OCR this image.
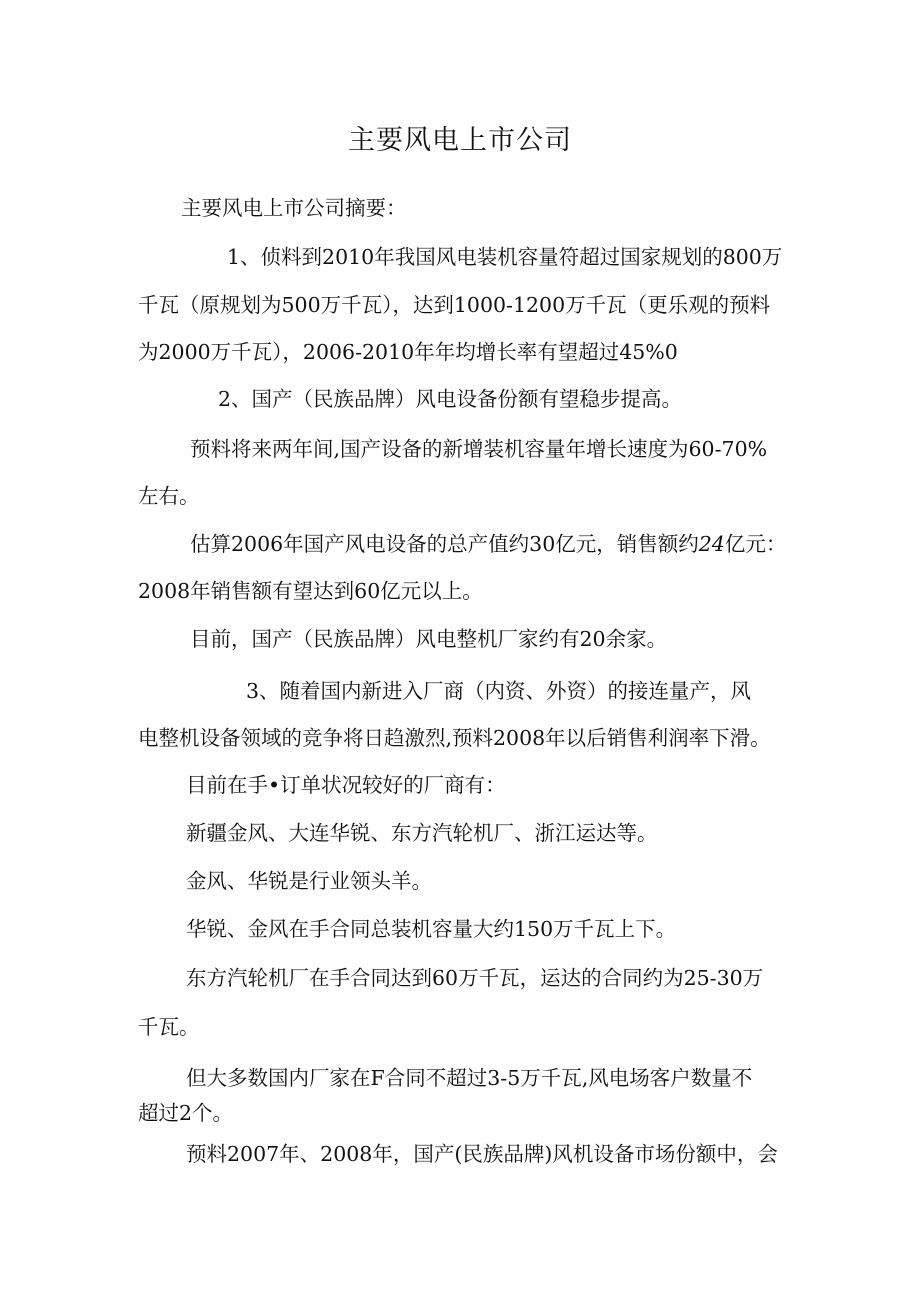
主要风电上市公司
主要风电上市公司摘要：
1、侦料到2010年我国风电装机容量符超过国家规划的800万
千瓦（原规划为500万千瓦），达到1000-1200万千瓦（更乐观的预料
为2000万千瓦），2006-2010年年均增长率有望超过45%0
2、国产（民族品牌）风电设备份额有望稳步提高。
预料将来两年间,国产设备的新增装机容量年增长速度为60-70%
左右。
估算2006年国产风电设备的总产值约30亿元，销售额约24亿元：
2008年销售额有望达到60亿元以上。
目前，国产（民族品牌）风电整机厂家约有20余家。
3、随着国内新进入厂商（内资、外资）的接连量产，风
电整机设备领域的竞争将日趋激烈,预料2008年以后销售利润率下滑。
目前在手•订单状况较好的厂商有：
新疆金风、大连华锐、东方汽轮机厂、浙江运达等。
金风、华锐是行业领头羊。
华锐、金风在手合同总装机容量大约150万千瓦上下。
东方汽轮机厂在手合同达到60万千瓦，运达的合同约为25-30万
千瓦。
但大多数国内厂家在F合同不超过3-5万千瓦,风电场客户数量不
超过2个。
预料2007年、2008年，国产(民族品牌)风机设备市场份额中，会
